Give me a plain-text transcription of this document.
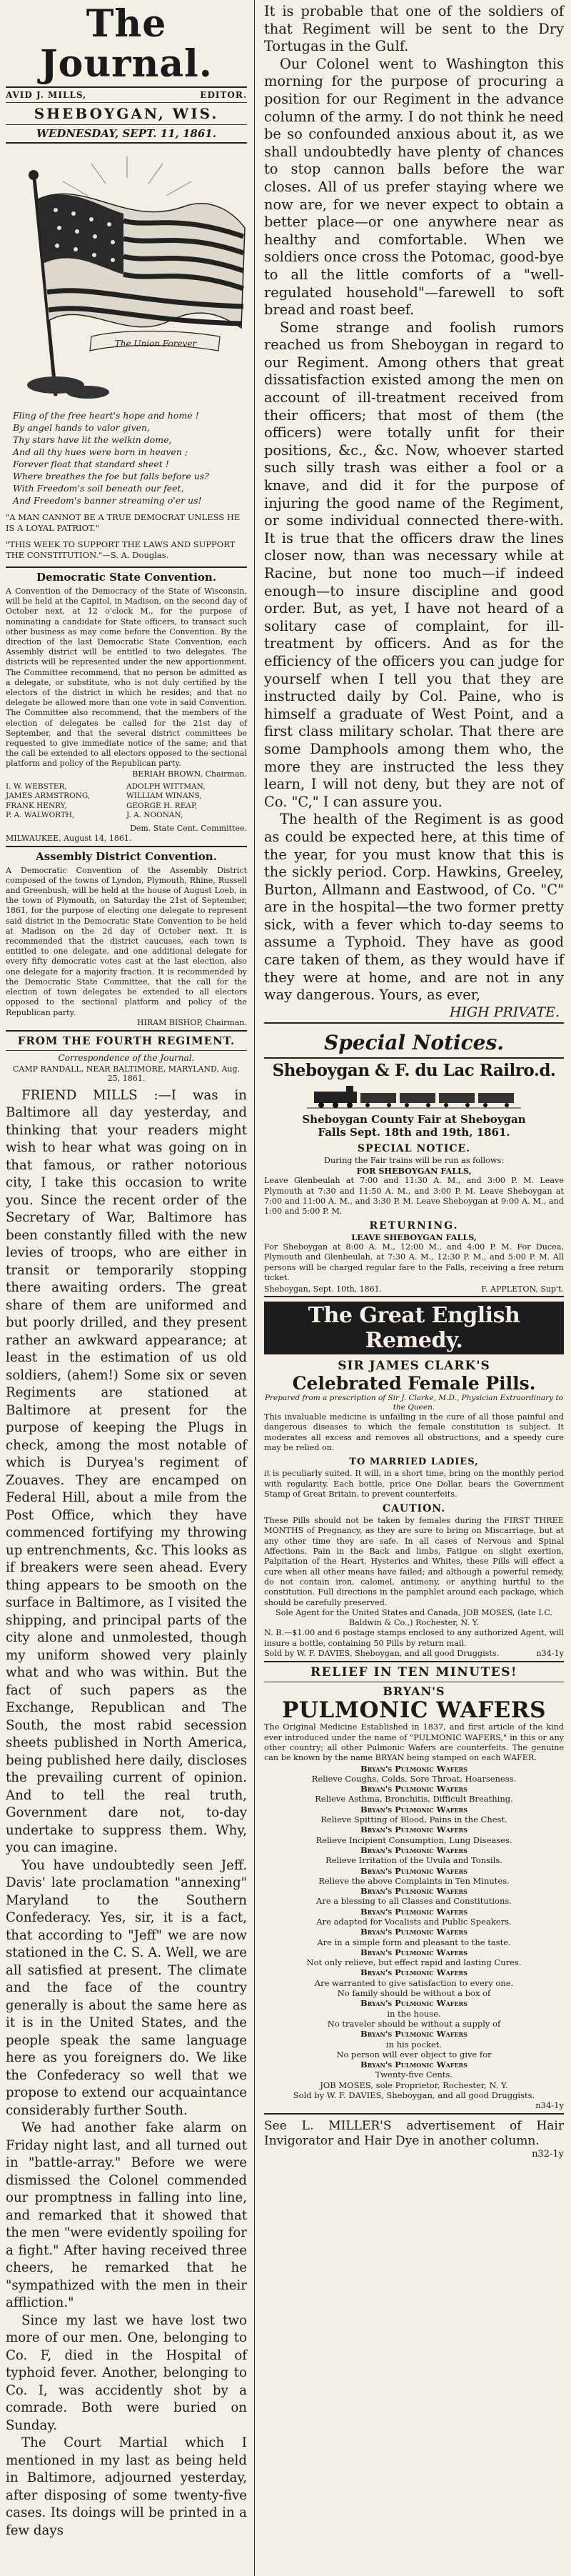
The Journal.
AVID J. MILLS,	EDITOR.
SHEBOYGAN, WIS.
WEDNESDAY, SEPT. 11, 1861.
The Union Forever
Fling of the free heart's hope and home !
By angel hands to valor given,
Thy stars have lit the welkin dome,
And all thy hues were born in heaven ;
Forever float that standard sheet !
Where breathes the foe but falls before us?
With Freedom's soil beneath our feet,
And Freedom's banner streaming o'er us!
"A MAN CANNOT BE A TRUE DEMOCRAT UNLESS HE IS A LOYAL PATRIOT."
"THIS WEEK TO SUPPORT THE LAWS AND SUPPORT THE CONSTITUTION."—S. A. Douglas.
Democratic State Convention.
A Convention of the Democracy of the State of Wisconsin, will be held at the Capitol, in Madison, on the second day of October next, at 12 o'clock M., for the purpose of nominating a candidate for State officers, to transact such other business as may come before the Convention. By the direction of the last Democratic State Convention, each Assembly district will be entitled to two delegates. The districts will be represented under the new apportionment. The Committee recommend, that no person be admitted as a delegate, or substitute, who is not duly certified by the electors of the district in which he resides; and that no delegate be allowed more than one vote in said Convention. The Committee also recommend, that the members of the election of delegates be called for the 21st day of September, and that the several district committees be requested to give immediate notice of the same; and that the call be extended to all electors opposed to the sectional platform and policy of the Republican party.
BERIAH BROWN, Chairman.
I. W. WEBSTER,	ADOLPH WITTMAN,
JAMES ARMSTRONG,	WILLIAM WINANS,
FRANK HENRY,	GEORGE H. REAP,
P. A. WALWORTH,	J. A. NOONAN,
Dem. State Cent. Committee.
MILWAUKEE, August 14, 1861.
Assembly District Convention.
A Democratic Convention of the Assembly District composed of the towns of Lyndon, Plymouth, Rhine, Russell and Greenbush, will be held at the house of August Loeb, in the town of Plymouth, on Saturday the 21st of September, 1861, for the purpose of electing one delegate to represent said district in the Democratic State Convention to be held at Madison on the 2d day of October next. It is recommended that the district caucuses, each town is entitled to one delegate, and one additional delegate for every fifty democratic votes cast at the last election, also one delegate for a majority fraction. It is recommended by the Democratic State Committee, that the call for the election of town delegates be extended to all electors opposed to the sectional platform and policy of the Republican party.
HIRAM BISHOP, Chairman.
FROM THE FOURTH REGIMENT.
Correspondence of the Journal.
CAMP RANDALL, NEAR BALTIMORE, MARYLAND, Aug. 25, 1861.

FRIEND MILLS :—I was in Baltimore all day yesterday, and thinking that your readers might wish to hear what was going on in that famous, or rather notorious city, I take this occasion to write you. Since the recent order of the Secretary of War, Baltimore has been constantly filled with the new levies of troops, who are either in transit or temporarily stopping there awaiting orders. The great share of them are uniformed and but poorly drilled, and they present rather an awkward appearance; at least in the estimation of us old soldiers, (ahem!) Some six or seven Regiments are stationed at Baltimore at present for the purpose of keeping the Plugs in check, among the most notable of which is Duryea's regiment of Zouaves. They are encamped on Federal Hill, about a mile from the Post Office, which they have commenced fortifying my throwing up entrenchments, &c. This looks as if breakers were seen ahead. Every thing appears to be smooth on the surface in Baltimore, as I visited the shipping, and principal parts of the city alone and unmolested, though my uniform showed very plainly what and who was within. But the fact of such papers as the Exchange, Republican and The South, the most rabid secession sheets published in North America, being published here daily, discloses the prevailing current of opinion. And to tell the real truth, Government dare not, to-day undertake to suppress them. Why, you can imagine.

You have undoubtedly seen Jeff. Davis' late proclamation "annexing" Maryland to the Southern Confederacy. Yes, sir, it is a fact, that according to "Jeff" we are now stationed in the C. S. A. Well, we are all satisfied at present. The climate and the face of the country generally is about the same here as it is in the United States, and the people speak the same language here as you foreigners do. We like the Confederacy so well that we propose to extend our acquaintance considerably further South.

We had another fake alarm on Friday night last, and all turned out in "battle-array." Before we were dismissed the Colonel commended our promptness in falling into line, and remarked that it showed that the men "were evidently spoiling for a fight." After having received three cheers, he remarked that he "sympathized with the men in their affliction."

Since my last we have lost two more of our men. One, belonging to Co. F, died in the Hospital of typhoid fever. Another, belonging to Co. I, was accidently shot by a comrade. Both were buried on Sunday.

The Court Martial which I mentioned in my last as being held in Baltimore, adjourned yesterday, after disposing of some twenty-five cases. Its doings will be printed in a few days

It is probable that one of the soldiers of that Regiment will be sent to the Dry Tortugas in the Gulf.

Our Colonel went to Washington this morning for the purpose of procuring a position for our Regiment in the advance column of the army. I do not think he need be so confounded anxious about it, as we shall undoubtedly have plenty of chances to stop cannon balls before the war closes. All of us prefer staying where we now are, for we never expect to obtain a better place—or one anywhere near as healthy and comfortable. When we soldiers once cross the Potomac, good-bye to all the little comforts of a "well-regulated household"—farewell to soft bread and roast beef.

Some strange and foolish rumors reached us from Sheboygan in regard to our Regiment. Among others that great dissatisfaction existed among the men on account of ill-treatment received from their officers; that most of them (the officers) were totally unfit for their positions, &c., &c. Now, whoever started such silly trash was either a fool or a knave, and did it for the purpose of injuring the good name of the Regiment, or some individual connected there-with. It is true that the officers draw the lines closer now, than was necessary while at Racine, but none too much—if indeed enough—to insure discipline and good order. But, as yet, I have not heard of a solitary case of complaint, for ill-treatment by officers. And as for the efficiency of the officers you can judge for yourself when I tell you that they are instructed daily by Col. Paine, who is himself a graduate of West Point, and a first class military scholar. That there are some Damphools among them who, the more they are instructed the less they learn, I will not deny, but they are not of Co. "C," I can assure you.

The health of the Regiment is as good as could be expected here, at this time of the year, for you must know that this is the sickly period. Corp. Hawkins, Greeley, Burton, Allmann and Eastwood, of Co. "C" are in the hospital—the two former pretty sick, with a fever which to-day seems to assume a Typhoid. They have as good care taken of them, as they would have if they were at home, and are not in any way dangerous. Yours, as ever,

HIGH PRIVATE.
Special Notices.
Sheboygan & F. du Lac Railro.d.
Sheboygan County Fair at Sheboygan
Falls Sept. 18th and 19th, 1861.
SPECIAL NOTICE.
During the Fair trains will be run as follows:
FOR SHEBOYGAN FALLS,
Leave Glenbeulah at 7:00 and 11:30 A. M., and 3:00 P. M. Leave Plymouth at 7:30 and 11:50 A. M., and 3:00 P. M. Leave Sheboygan at 7:00 and 11:00 A. M., and 3:30 P. M. Leave Sheboygan at 9:00 A. M., and 1:00 and 5:00 P. M.
RETURNING.
LEAVE SHEBOYGAN FALLS,
For Sheboygan at 8:00 A. M., 12:00 M., and 4:00 P. M. For Ducea, Plymouth and Glenbeulah, at 7:30 A. M., 12:30 P. M., and 5:00 P. M. All persons will be charged regular fare to the Falls, receiving a free return ticket.
Sheboygan, Sept. 10th, 1861.	F. APPLETON, Sup't.
The Great English Remedy.
SIR JAMES CLARK'S
Celebrated Female Pills.
Prepared from a prescription of Sir J. Clarke, M.D., Physician Extraordinary to the Queen.
This invaluable medicine is unfailing in the cure of all those painful and dangerous diseases to which the female constitution is subject. It moderates all excess and removes all obstructions, and a speedy cure may be relied on.
TO MARRIED LADIES,
it is peculiarly suited. It will, in a short time, bring on the monthly period with regularity. Each bottle, price One Dollar, bears the Government Stamp of Great Britain, to prevent counterfeits.
CAUTION.
These Pills should not be taken by females during the FIRST THREE MONTHS of Pregnancy, as they are sure to bring on Miscarriage, but at any other time they are safe. In all cases of Nervous and Spinal Affections, Pain in the Back and limbs, Fatigue on slight exertion, Palpitation of the Heart, Hysterics and Whites, these Pills will effect a cure when all other means have failed; and although a powerful remedy, do not contain iron, calomel, antimony, or anything hurtful to the constitution. Full directions in the pamphlet around each package, which should be carefully preserved.
Sole Agent for the United States and Canada, JOB MOSES, (late I.C. Baldwin & Co.,) Rochester, N. Y.
N. B.—$1.00 and 6 postage stamps enclosed to any authorized Agent, will insure a bottle, containing 50 Pills by return mail.
Sold by W. F. DAVIES, Sheboygan, and all good Druggists.	n34-1y
RELIEF IN TEN MINUTES!
BRYAN'S
PULMONIC WAFERS
The Original Medicine Established in 1837, and first article of the kind ever introduced under the name of "PULMONIC WAFERS," in this or any other country; all other Pulmonic Wafers are counterfeits. The genuine can be known by the name BRYAN being stamped on each WAFER.
Bryan's Pulmonic Wafers
Relieve Coughs, Colds, Sore Throat, Hoarseness.
Bryan's Pulmonic Wafers
Relieve Asthma, Bronchitis, Difficult Breathing.
Bryan's Pulmonic Wafers
Relieve Spitting of Blood, Pains in the Chest.
Bryan's Pulmonic Wafers
Relieve Incipient Consumption, Lung Diseases.
Bryan's Pulmonic Wafers
Relieve Irritation of the Uvula and Tonsils.
Bryan's Pulmonic Wafers
Relieve the above Complaints in Ten Minutes.
Bryan's Pulmonic Wafers
Are a blessing to all Classes and Constitutions.
Bryan's Pulmonic Wafers
Are adapted for Vocalists and Public Speakers.
Bryan's Pulmonic Wafers
Are in a simple form and pleasant to the taste.
Bryan's Pulmonic Wafers
Not only relieve, but effect rapid and lasting Cures.
Bryan's Pulmonic Wafers
Are warranted to give satisfaction to every one.
No family should be without a box of
Bryan's Pulmonic Wafers
in the house.
No traveler should be without a supply of
Bryan's Pulmonic Wafers
in his pocket.
No person will ever object to give for
Bryan's Pulmonic Wafers
Twenty-five Cents.
JOB MOSES, sole Proprietor, Rochester, N. Y.
Sold by W. F. DAVIES, Sheboygan, and all good Druggists.
n34-1y
See L. MILLER'S advertisement of Hair Invigorator and Hair Dye in another column.
n32-1y
